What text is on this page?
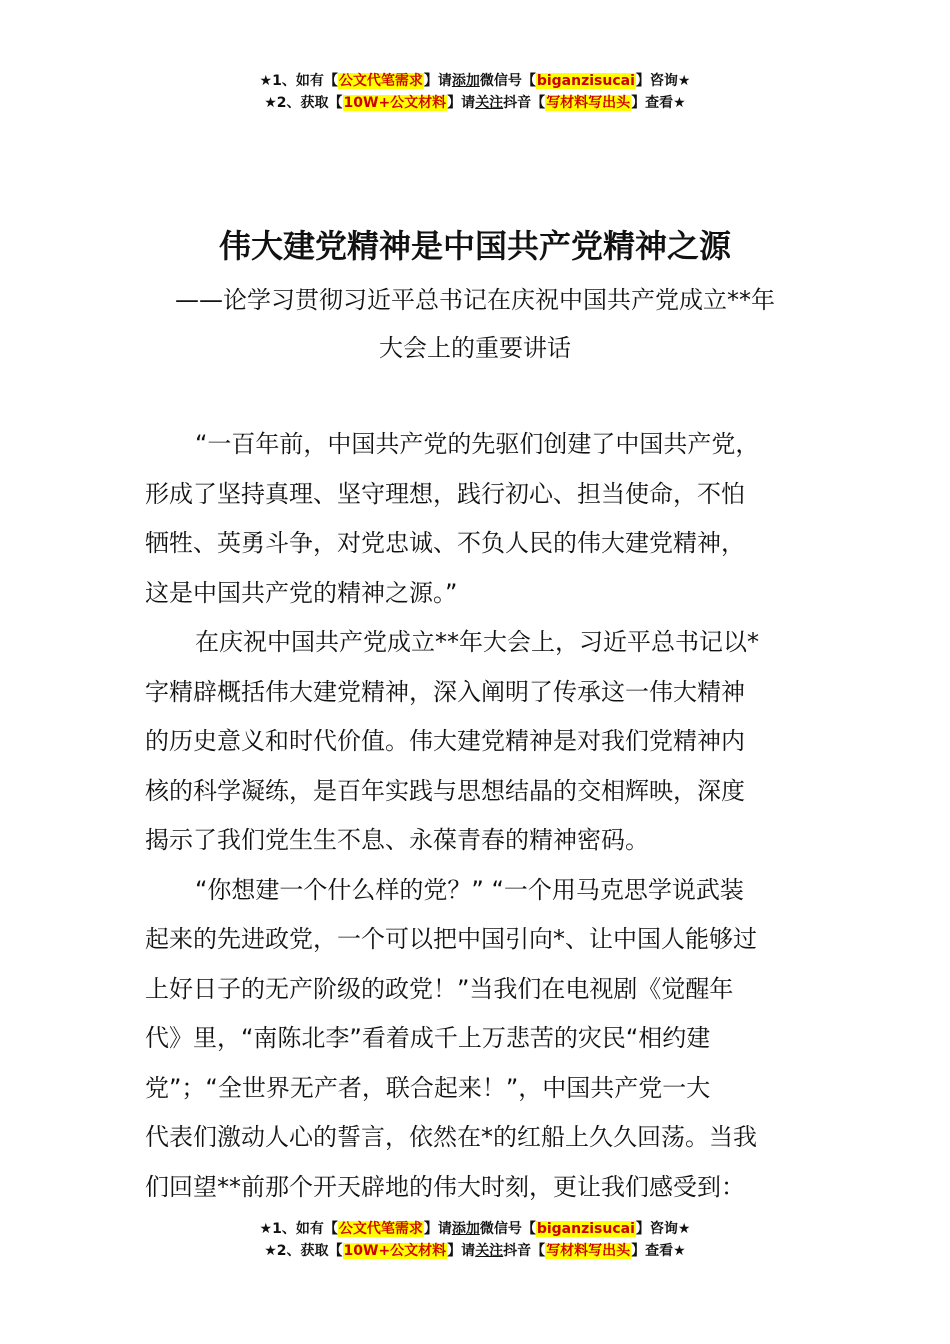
★1、如有【公文代笔需求】请添加微信号【biganzisucai】咨询★
★2、获取【10W+公文材料】请关注抖音【写材料写出头】查看★
伟大建党精神是中国共产党精神之源
——论学习贯彻习近平总书记在庆祝中国共产党成立**年
大会上的重要讲话
“一百年前，中国共产党的先驱们创建了中国共产党，
形成了坚持真理、坚守理想，践行初心、担当使命，不怕
牺牲、英勇斗争，对党忠诚、不负人民的伟大建党精神，
这是中国共产党的精神之源。”
在庆祝中国共产党成立**年大会上，习近平总书记以*
字精辟概括伟大建党精神，深入阐明了传承这一伟大精神
的历史意义和时代价值。伟大建党精神是对我们党精神内
核的科学凝练，是百年实践与思想结晶的交相辉映，深度
揭示了我们党生生不息、永葆青春的精神密码。
“你想建一个什么样的党？” “一个用马克思学说武装
起来的先进政党，一个可以把中国引向*、让中国人能够过
上好日子的无产阶级的政党！”当我们在电视剧《觉醒年
代》里，“南陈北李”看着成千上万悲苦的灾民“相约建
党”；“全世界无产者，联合起来！”，中国共产党一大
代表们激动人心的誓言，依然在*的红船上久久回荡。当我
们回望**前那个开天辟地的伟大时刻，更让我们感受到：
★1、如有【公文代笔需求】请添加微信号【biganzisucai】咨询★
★2、获取【10W+公文材料】请关注抖音【写材料写出头】查看★
